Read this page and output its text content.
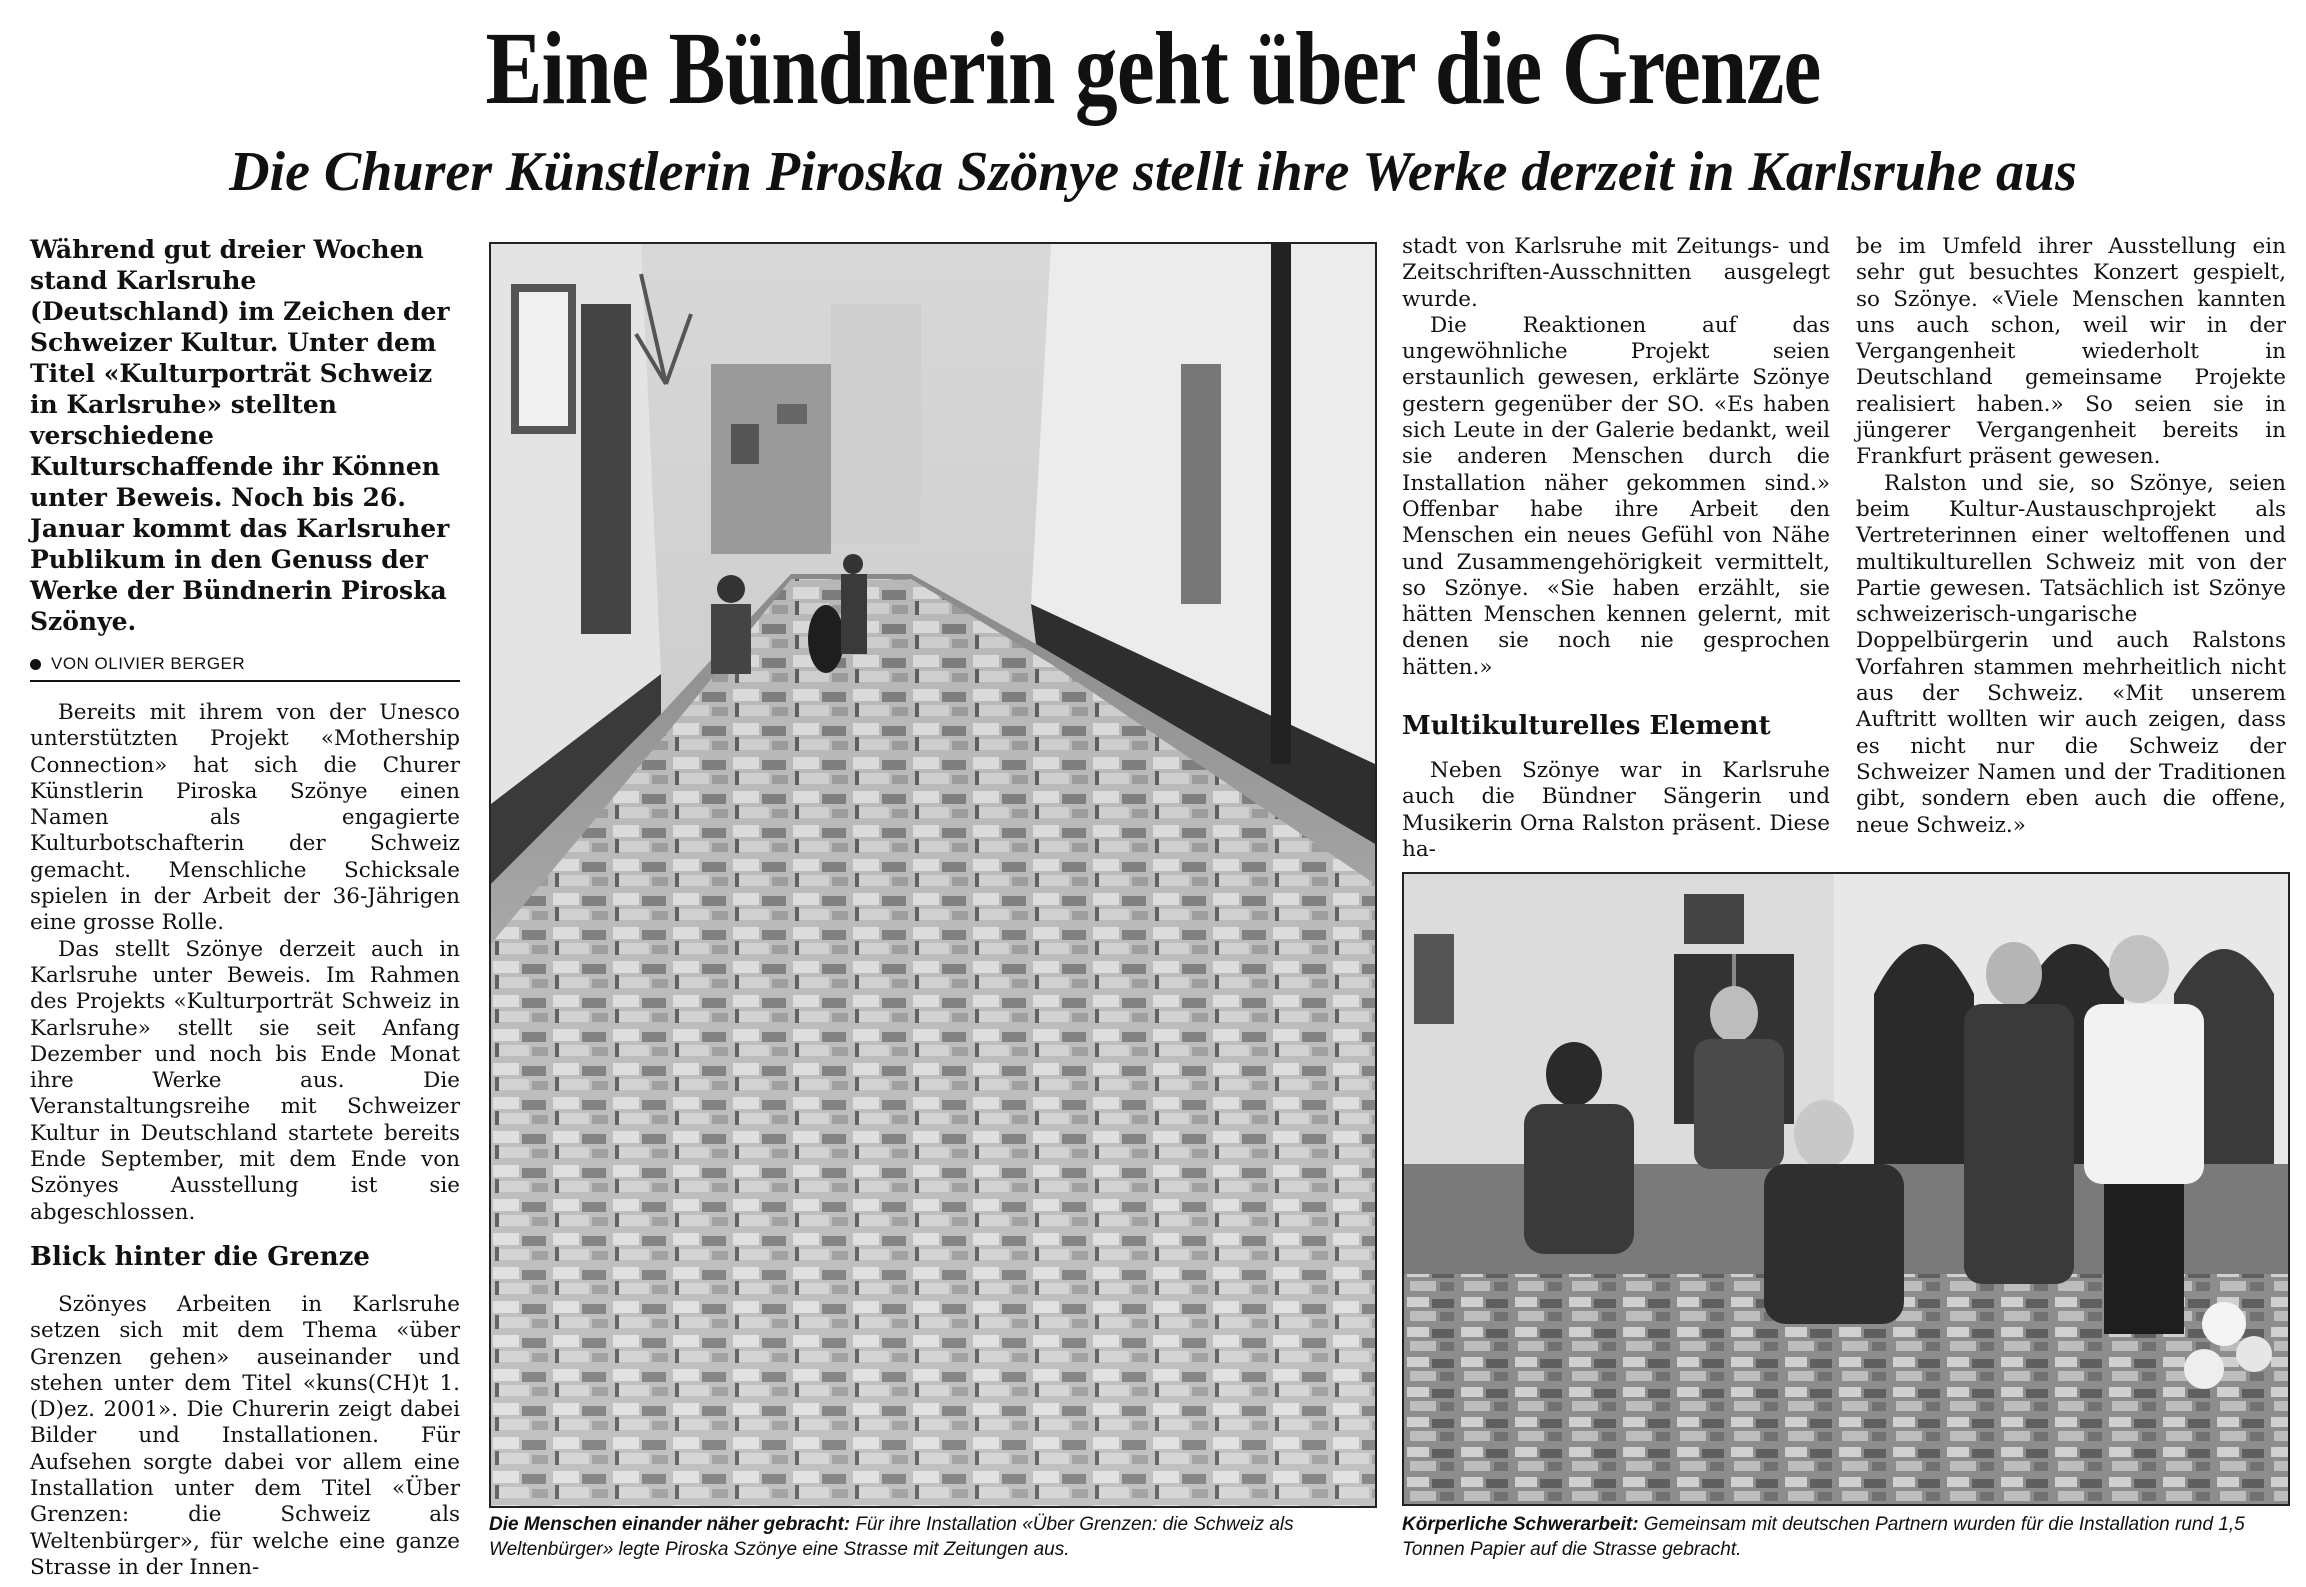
Eine Bündnerin geht über die Grenze
Die Churer Künstlerin Piroska Szönye stellt ihre Werke derzeit in Karlsruhe aus

Während gut dreier Wochen stand Karlsruhe (Deutschland) im Zeichen der Schweizer Kultur. Unter dem Titel «Kulturporträt Schweiz in Karlsruhe» stellten verschiedene Kulturschaffende ihr Können unter Beweis. Noch bis 26. Januar kommt das Karlsruher Publikum in den Genuss der Werke der Bündnerin Piroska Szönye.

VON OLIVIER BERGER

Bereits mit ihrem von der Unesco unterstützten Projekt «Mothership Connection» hat sich die Churer Künstlerin Piroska Szönye einen Namen als engagierte Kulturbotschafterin der Schweiz gemacht. Menschliche Schicksale spielen in der Arbeit der 36-Jährigen eine grosse Rolle.

Das stellt Szönye derzeit auch in Karlsruhe unter Beweis. Im Rahmen des Projekts «Kulturporträt Schweiz in Karlsruhe» stellt sie seit Anfang Dezember und noch bis Ende Monat ihre Werke aus. Die Veranstaltungsreihe mit Schweizer Kultur in Deutschland startete bereits Ende September, mit dem Ende von Szönyes Ausstellung ist sie abgeschlossen.

Blick hinter die Grenze

Szönyes Arbeiten in Karlsruhe setzen sich mit dem Thema «über Grenzen gehen» auseinander und stehen unter dem Titel «kuns(CH)t 1. (D)ez. 2001». Die Churerin zeigt dabei Bilder und Installationen. Für Aufsehen sorgte dabei vor allem eine Installation unter dem Titel «Über Grenzen: die Schweiz als Weltenbürger», für welche eine ganze Strasse in der Innen-

Die Menschen einander näher gebracht: Für ihre Installation «Über Grenzen: die Schweiz als Weltenbürger» legte Piroska Szönye eine Strasse mit Zeitungen aus.

stadt von Karlsruhe mit Zeitungs- und Zeitschriften-Ausschnitten ausgelegt wurde.

Die Reaktionen auf das ungewöhnliche Projekt seien erstaunlich gewesen, erklärte Szönye gestern gegenüber der SO. «Es haben sich Leute in der Galerie bedankt, weil sie anderen Menschen durch die Installation näher gekommen sind.» Offenbar habe ihre Arbeit den Menschen ein neues Gefühl von Nähe und Zusammengehörigkeit vermittelt, so Szönye. «Sie haben erzählt, sie hätten Menschen kennen gelernt, mit denen sie noch nie gesprochen hätten.»

Multikulturelles Element

Neben Szönye war in Karlsruhe auch die Bündner Sängerin und Musikerin Orna Ralston präsent. Diese ha-

be im Umfeld ihrer Ausstellung ein sehr gut besuchtes Konzert gespielt, so Szönye. «Viele Menschen kannten uns auch schon, weil wir in der Vergangenheit wiederholt in Deutschland gemeinsame Projekte realisiert haben.» So seien sie in jüngerer Vergangenheit bereits in Frankfurt präsent gewesen.

Ralston und sie, so Szönye, seien beim Kultur-Austauschprojekt als Vertreterinnen einer weltoffenen und multikulturellen Schweiz mit von der Partie gewesen. Tatsächlich ist Szönye schweizerisch-ungarische Doppelbürgerin und auch Ralstons Vorfahren stammen mehrheitlich nicht aus der Schweiz. «Mit unserem Auftritt wollten wir auch zeigen, dass es nicht nur die Schweiz der Schweizer Namen und der Traditionen gibt, sondern eben auch die offene, neue Schweiz.»

Körperliche Schwerarbeit: Gemeinsam mit deutschen Partnern wurden für die Installation rund 1,5 Tonnen Papier auf die Strasse gebracht.
